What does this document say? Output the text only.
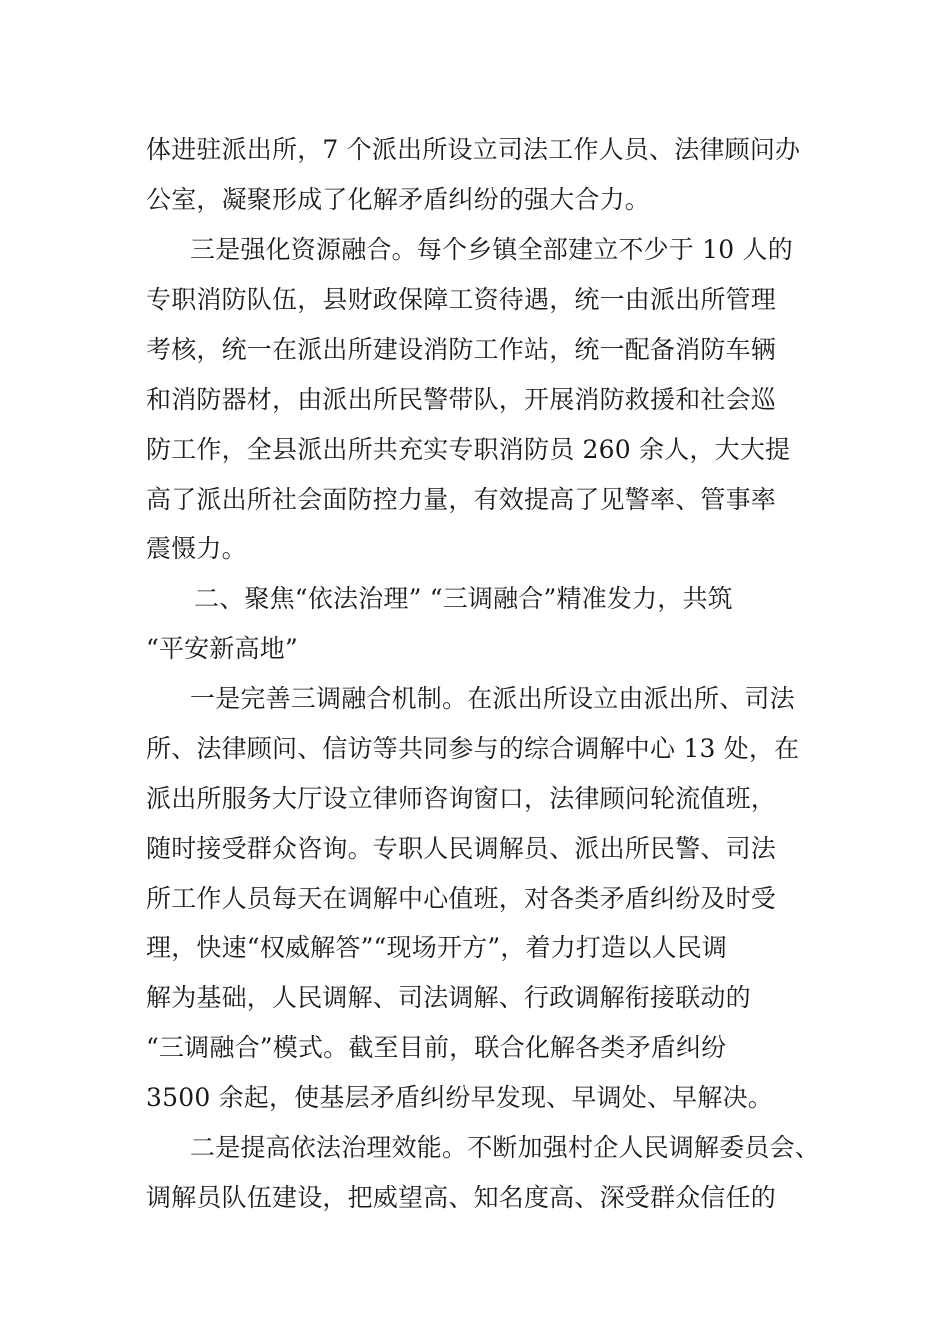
体进驻派出所，7 个派出所设立司法工作人员、法律顾问办
公室，凝聚形成了化解矛盾纠纷的强大合力。
三是强化资源融合。每个乡镇全部建立不少于 10 人的
专职消防队伍，县财政保障工资待遇，统一由派出所管理
考核，统一在派出所建设消防工作站，统一配备消防车辆
和消防器材，由派出所民警带队，开展消防救援和社会巡
防工作，全县派出所共充实专职消防员 260 余人，大大提
高了派出所社会面防控力量，有效提高了见警率、管事率
震慑力。
二、聚焦“依法治理” “三调融合”精准发力，共筑
“平安新高地”
一是完善三调融合机制。在派出所设立由派出所、司法
所、法律顾问、信访等共同参与的综合调解中心 13 处，在
派出所服务大厅设立律师咨询窗口，法律顾问轮流值班，
随时接受群众咨询。专职人民调解员、派出所民警、司法
所工作人员每天在调解中心值班，对各类矛盾纠纷及时受
理，快速“权威解答”“现场开方”，着力打造以人民调
解为基础，人民调解、司法调解、行政调解衔接联动的
“三调融合”模式。截至目前，联合化解各类矛盾纠纷
3500 余起，使基层矛盾纠纷早发现、早调处、早解决。
二是提高依法治理效能。不断加强村企人民调解委员会、
调解员队伍建设，把威望高、知名度高、深受群众信任的
